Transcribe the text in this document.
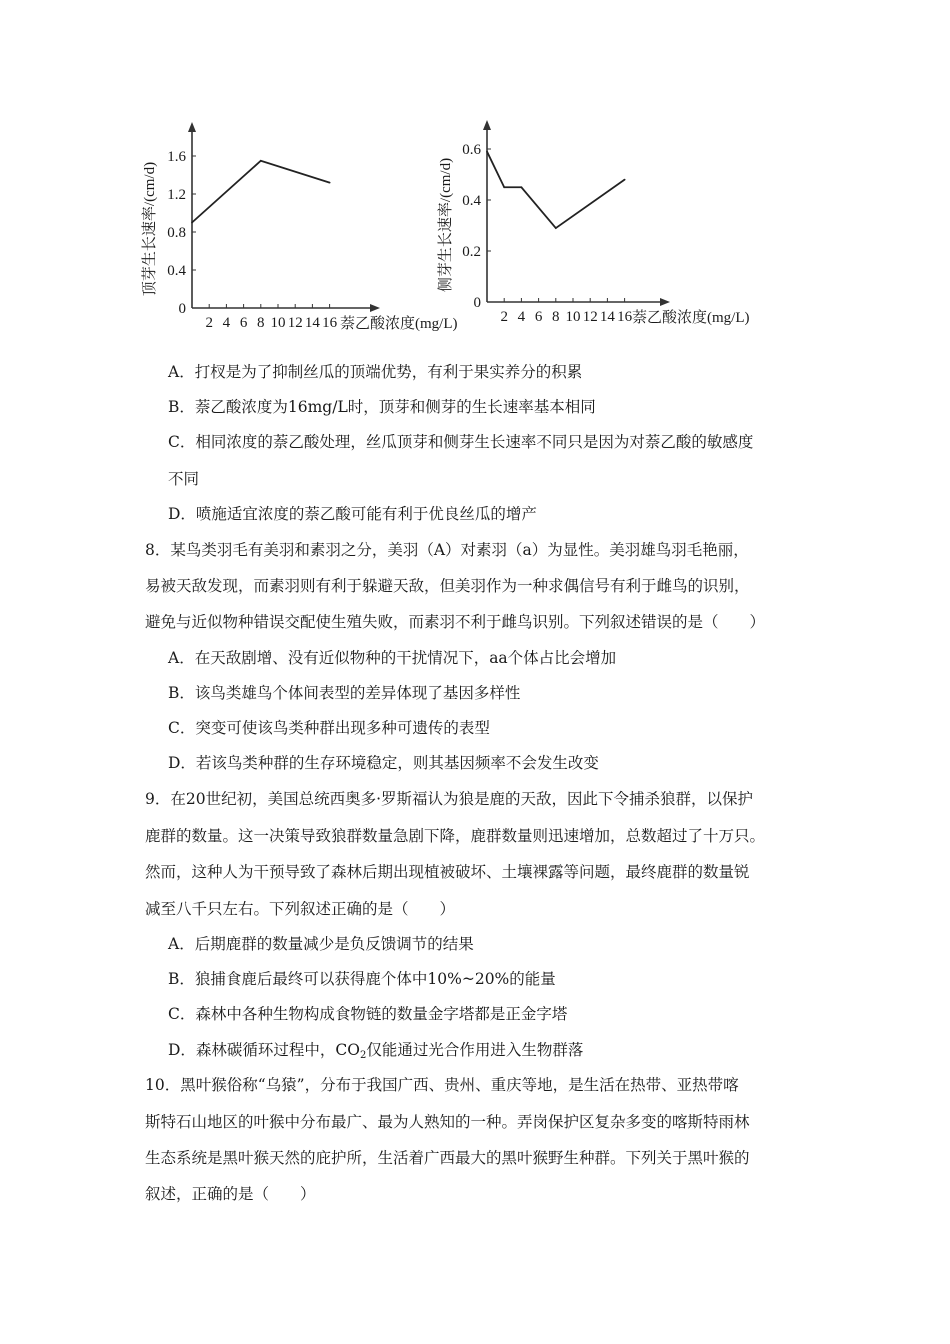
2 4 6 8 10 12 14 16
0
0.4
0.8
1.2
1.6
萘乙酸浓度(mg/L)
顶芽生长速率/(cm/d)
2 4 6 8 10 12 14 16
0
0.2
0.4
0.6
萘乙酸浓度(mg/L)
侧芽生长速率/(cm/d)
A．打杈是为了抑制丝瓜的顶端优势，有利于果实养分的积累
B．萘乙酸浓度为16mg/L时，顶芽和侧芽的生长速率基本相同
C．相同浓度的萘乙酸处理，丝瓜顶芽和侧芽生长速率不同只是因为对萘乙酸的敏感度
不同
D．喷施适宜浓度的萘乙酸可能有利于优良丝瓜的增产
8．某鸟类羽毛有美羽和素羽之分，美羽（A）对素羽（a）为显性。美羽雄鸟羽毛艳丽，
易被天敌发现，而素羽则有利于躲避天敌，但美羽作为一种求偶信号有利于雌鸟的识别，
避免与近似物种错误交配使生殖失败，而素羽不利于雌鸟识别。下列叙述错误的是（　　）
A．在天敌剧增、没有近似物种的干扰情况下，aa个体占比会增加
B．该鸟类雄鸟个体间表型的差异体现了基因多样性
C．突变可使该鸟类种群出现多种可遗传的表型
D．若该鸟类种群的生存环境稳定，则其基因频率不会发生改变
9．在20世纪初，美国总统西奥多·罗斯福认为狼是鹿的天敌，因此下令捕杀狼群，以保护
鹿群的数量。这一决策导致狼群数量急剧下降，鹿群数量则迅速增加，总数超过了十万只。
然而，这种人为干预导致了森林后期出现植被破坏、土壤裸露等问题，最终鹿群的数量锐
减至八千只左右。下列叙述正确的是（　　）
A．后期鹿群的数量减少是负反馈调节的结果
B．狼捕食鹿后最终可以获得鹿个体中10%~20%的能量
C．森林中各种生物构成食物链的数量金字塔都是正金字塔
D．森林碳循环过程中，$CO_2$仅能通过光合作用进入生物群落
10．黑叶猴俗称“乌猿”，分布于我国广西、贵州、重庆等地，是生活在热带、亚热带喀
斯特石山地区的叶猴中分布最广、最为人熟知的一种。弄岗保护区复杂多变的喀斯特雨林
生态系统是黑叶猴天然的庇护所，生活着广西最大的黑叶猴野生种群。下列关于黑叶猴的
叙述，正确的是（　　）
